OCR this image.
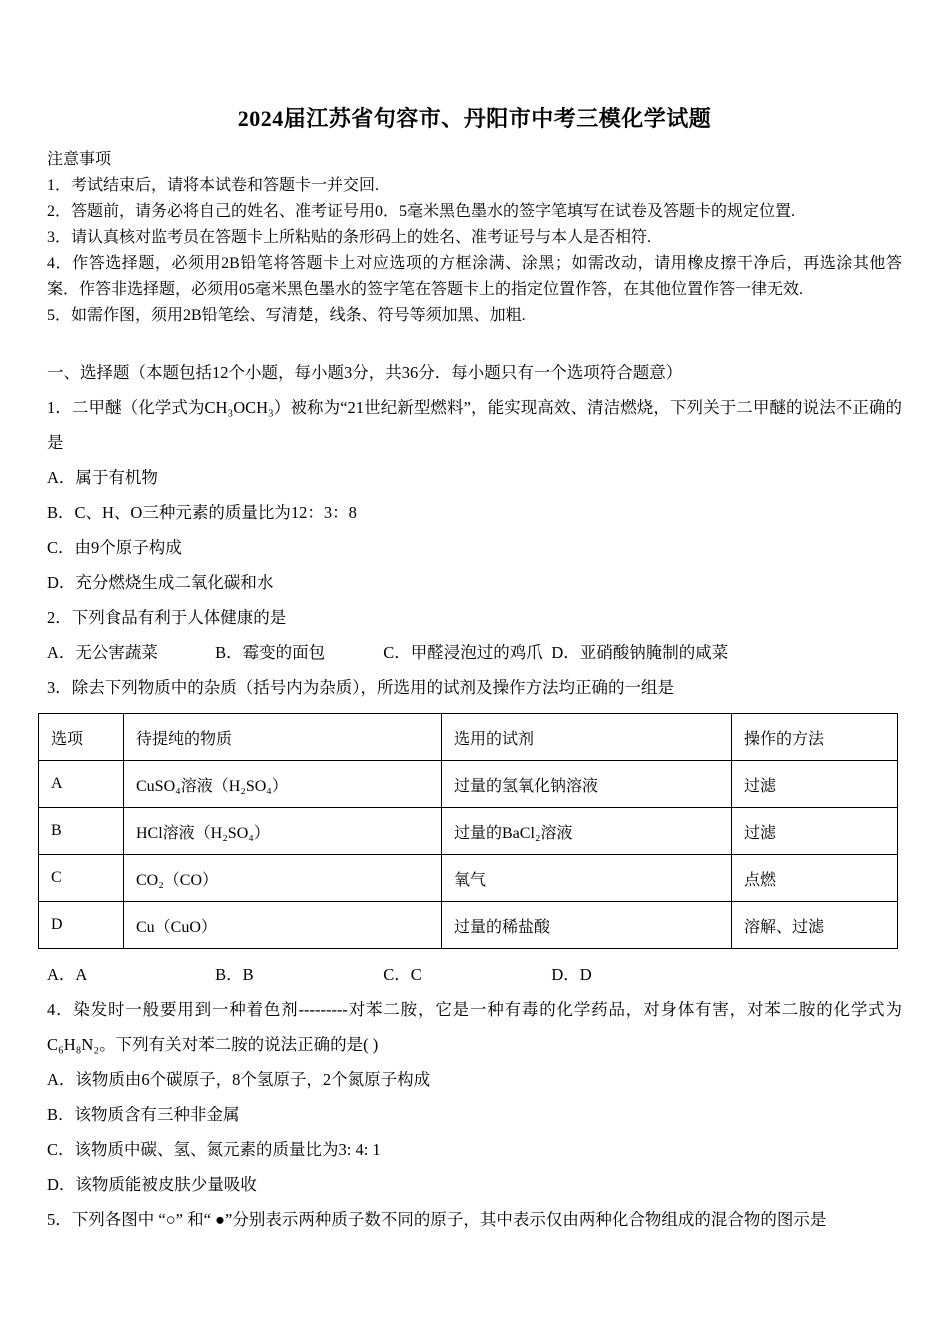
2024届江苏省句容市、丹阳市中考三模化学试题

注意事项

1．考试结束后，请将本试卷和答题卡一并交回.

2．答题前，请务必将自己的姓名、准考证号用0．5毫米黑色墨水的签字笔填写在试卷及答题卡的规定位置.

3．请认真核对监考员在答题卡上所粘贴的条形码上的姓名、准考证号与本人是否相符.

4．作答选择题，必须用2B铅笔将答题卡上对应选项的方框涂满、涂黑；如需改动，请用橡皮擦干净后，再选涂其他答案．作答非选择题，必须用05毫米黑色墨水的签字笔在答题卡上的指定位置作答，在其他位置作答一律无效.

5．如需作图，须用2B铅笔绘、写清楚，线条、符号等须加黑、加粗.

一、选择题（本题包括12个小题，每小题3分，共36分．每小题只有一个选项符合题意）

1．二甲醚（化学式为CH₃OCH₃）被称为“21世纪新型燃料”，能实现高效、清洁燃烧，下列关于二甲醚的说法不正确的是

A．属于有机物

B．C、H、O三种元素的质量比为12：3：8

C．由9个原子构成

D．充分燃烧生成二氧化碳和水

2．下列食品有利于人体健康的是

A．无公害蔬菜	B．霉变的面包	C．甲醛浸泡过的鸡爪 D．亚硝酸钠腌制的咸菜

3．除去下列物质中的杂质（括号内为杂质），所选用的试剂及操作方法均正确的一组是

选项	待提纯的物质	选用的试剂	操作的方法
A	CuSO₄溶液（H₂SO₄）	过量的氢氧化钠溶液	过滤
B	HCl溶液（H₂SO₄）	过量的BaCl₂溶液	过滤
C	CO₂（CO）	氧气	点燃
D	Cu（CuO）	过量的稀盐酸	溶解、过滤

A．A	B．B	C．C	D．D

4．染发时一般要用到一种着色剂---------对苯二胺，它是一种有毒的化学药品，对身体有害，对苯二胺的化学式为C₆H₈N₂。下列有关对苯二胺的说法正确的是( )

A．该物质由6个碳原子，8个氢原子，2个氮原子构成

B．该物质含有三种非金属

C．该物质中碳、氢、氮元素的质量比为3: 4: 1

D．该物质能被皮肤少量吸收

5．下列各图中 “○” 和“ ●”分别表示两种质子数不同的原子，其中表示仅由两种化合物组成的混合物的图示是
